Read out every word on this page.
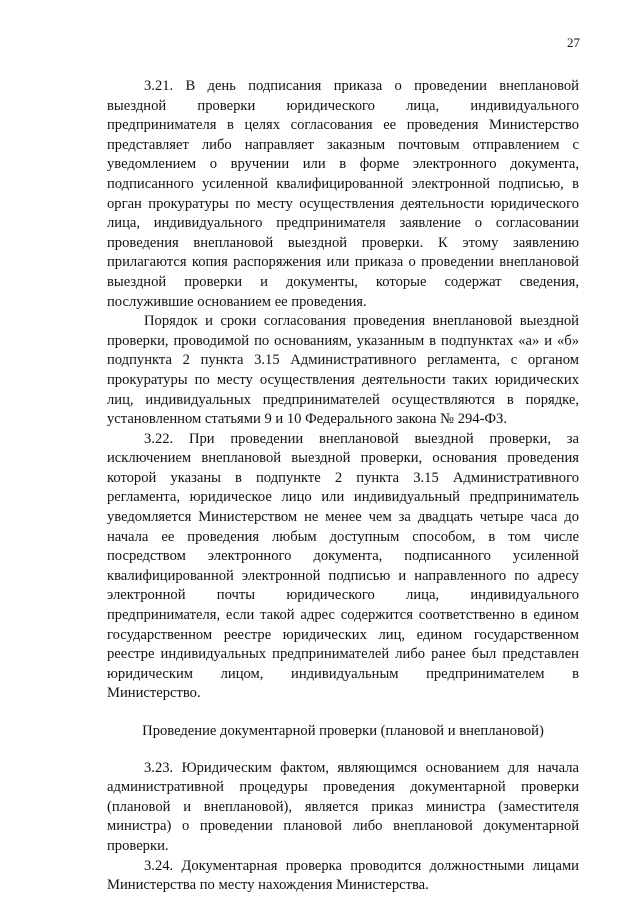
27

3.21. В день подписания приказа о проведении внеплановой выездной проверки юридического лица, индивидуального предпринимателя в целях согласования ее проведения Министерство представляет либо направляет заказным почтовым отправлением с уведомлением о вручении или в форме электронного документа, подписанного усиленной квалифицированной электронной подписью, в орган прокуратуры по месту осуществления деятельности юридического лица, индивидуального предпринимателя заявление о согласовании проведения внеплановой выездной проверки. К этому заявлению прилагаются копия распоряжения или приказа о проведении внеплановой выездной проверки и документы, которые содержат сведения, послужившие основанием ее проведения.

Порядок и сроки согласования проведения внеплановой выездной проверки, проводимой по основаниям, указанным в подпунктах «а» и «б» подпункта 2 пункта 3.15 Административного регламента, с органом прокуратуры по месту осуществления деятельности таких юридических лиц, индивидуальных предпринимателей осуществляются в порядке, установленном статьями 9 и 10 Федерального закона № 294-ФЗ.

3.22. При проведении внеплановой выездной проверки, за исключением внеплановой выездной проверки, основания проведения которой указаны в подпункте 2 пункта 3.15 Административного регламента, юридическое лицо или индивидуальный предприниматель уведомляется Министерством не менее чем за двадцать четыре часа до начала ее проведения любым доступным способом, в том числе посредством электронного документа, подписанного усиленной квалифицированной электронной подписью и направленного по адресу электронной почты юридического лица, индивидуального предпринимателя, если такой адрес содержится соответственно в едином государственном реестре юридических лиц, едином государственном реестре индивидуальных предпринимателей либо ранее был представлен юридическим лицом, индивидуальным предпринимателем в Министерство.

Проведение документарной проверки (плановой и внеплановой)

3.23. Юридическим фактом, являющимся основанием для начала административной процедуры проведения документарной проверки (плановой и внеплановой), является приказ министра (заместителя министра) о проведении плановой либо внеплановой документарной проверки.

3.24. Документарная проверка проводится должностными лицами Министерства по месту нахождения Министерства.
